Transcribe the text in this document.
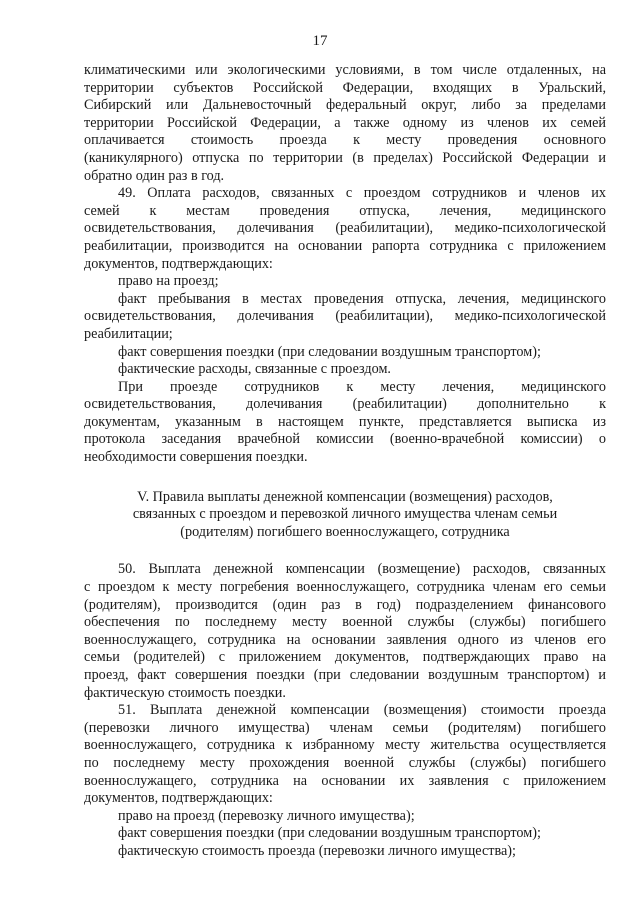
17

климатическими или экологическими условиями, в том числе отдаленных, на
территории субъектов Российской Федерации, входящих в Уральский,
Сибирский или Дальневосточный федеральный округ, либо за пределами
территории Российской Федерации, а также одному из членов их семей
оплачивается стоимость проезда к месту проведения основного
(каникулярного) отпуска по территории (в пределах) Российской Федерации и
обратно один раз в год.

49. Оплата расходов, связанных с проездом сотрудников и членов их
семей к местам проведения отпуска, лечения, медицинского
освидетельствования, долечивания (реабилитации), медико-психологической
реабилитации, производится на основании рапорта сотрудника с приложением
документов, подтверждающих:

право на проезд;

факт пребывания в местах проведения отпуска, лечения, медицинского
освидетельствования, долечивания (реабилитации), медико-психологической
реабилитации;

факт совершения поездки (при следовании воздушным транспортом);

фактические расходы, связанные с проездом.

При проезде сотрудников к месту лечения, медицинского
освидетельствования, долечивания (реабилитации) дополнительно к
документам, указанным в настоящем пункте, представляется выписка из
протокола заседания врачебной комиссии (военно-врачебной комиссии) о
необходимости совершения поездки.

V. Правила выплаты денежной компенсации (возмещения) расходов,
связанных с проездом и перевозкой личного имущества членам семьи
(родителям) погибшего военнослужащего, сотрудника

50. Выплата денежной компенсации (возмещение) расходов, связанных
с проездом к месту погребения военнослужащего, сотрудника членам его семьи
(родителям), производится (один раз в год) подразделением финансового
обеспечения по последнему месту военной службы (службы) погибшего
военнослужащего, сотрудника на основании заявления одного из членов его
семьи (родителей) с приложением документов, подтверждающих право на
проезд, факт совершения поездки (при следовании воздушным транспортом) и
фактическую стоимость поездки.

51. Выплата денежной компенсации (возмещения) стоимости проезда
(перевозки личного имущества) членам семьи (родителям) погибшего
военнослужащего, сотрудника к избранному месту жительства осуществляется
по последнему месту прохождения военной службы (службы) погибшего
военнослужащего, сотрудника на основании их заявления с приложением
документов, подтверждающих:

право на проезд (перевозку личного имущества);

факт совершения поездки (при следовании воздушным транспортом);

фактическую стоимость проезда (перевозки личного имущества);
